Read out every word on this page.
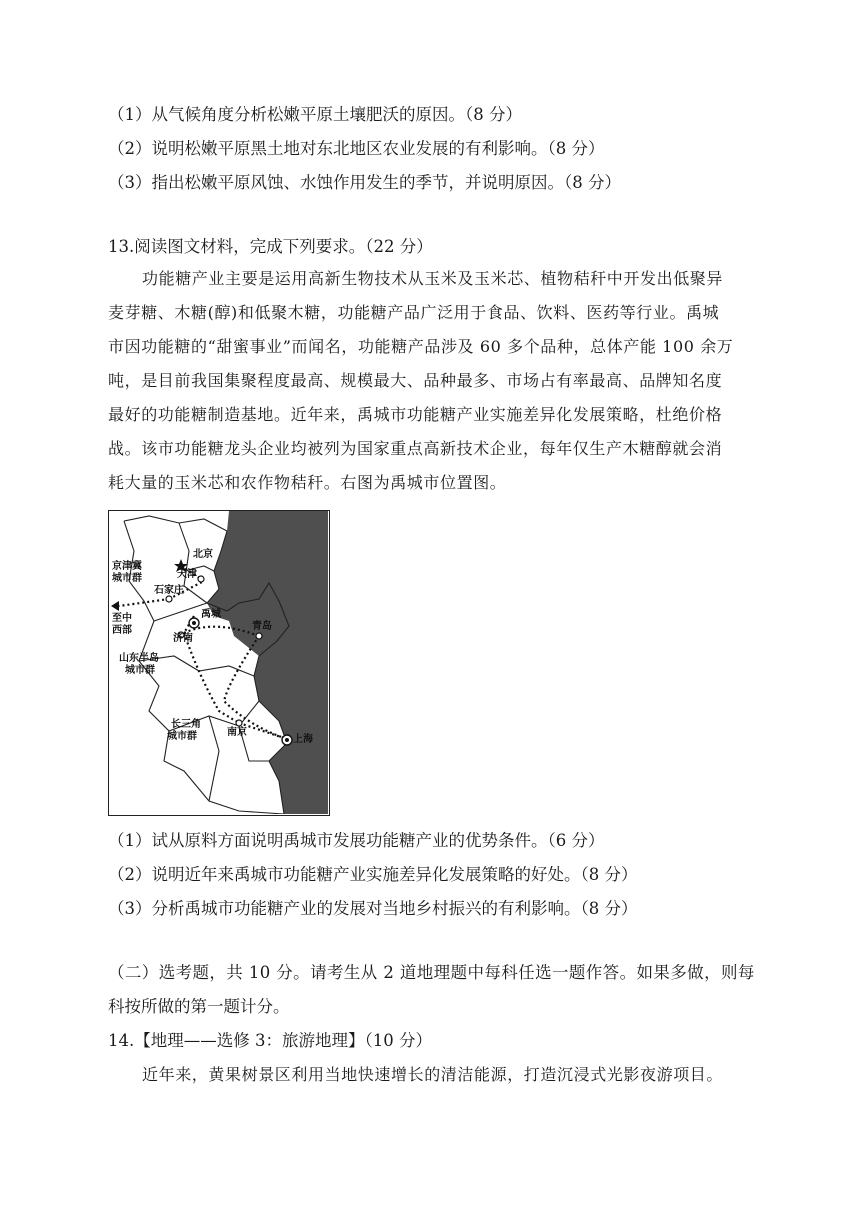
（1）从气候角度分析松嫩平原土壤肥沃的原因。（8 分）
（2）说明松嫩平原黑土地对东北地区农业发展的有利影响。（8 分）
（3）指出松嫩平原风蚀、水蚀作用发生的季节，并说明原因。（8 分）
13.阅读图文材料，完成下列要求。（22 分）
功能糖产业主要是运用高新生物技术从玉米及玉米芯、植物秸秆中开发出低聚异
麦芽糖、木糖(醇)和低聚木糖，功能糖产品广泛用于食品、饮料、医药等行业。禹城
市因功能糖的“甜蜜事业”而闻名，功能糖产品涉及 60 多个品种，总体产能 100 余万
吨，是目前我国集聚程度最高、规模最大、品种最多、市场占有率最高、品牌知名度
最好的功能糖制造基地。近年来，禹城市功能糖产业实施差异化发展策略，杜绝价格
战。该市功能糖龙头企业均被列为国家重点高新技术企业，每年仅生产木糖醇就会消
耗大量的玉米芯和农作物秸秆。右图为禹城市位置图。
北京
天津
京津冀
城市群
石家庄
至中
西部
禹城
济南
青岛
山东半岛
城市群
长三角
城市群	南京
上海
（1）试从原料方面说明禹城市发展功能糖产业的优势条件。（6 分）
（2）说明近年来禹城市功能糖产业实施差异化发展策略的好处。（8 分）
（3）分析禹城市功能糖产业的发展对当地乡村振兴的有利影响。（8 分）
（二）选考题，共 10 分。请考生从 2 道地理题中每科任选一题作答。如果多做，则每
科按所做的第一题计分。
14.【地理——选修 3：旅游地理】（10 分）
近年来，黄果树景区利用当地快速增长的清洁能源，打造沉浸式光影夜游项目。
